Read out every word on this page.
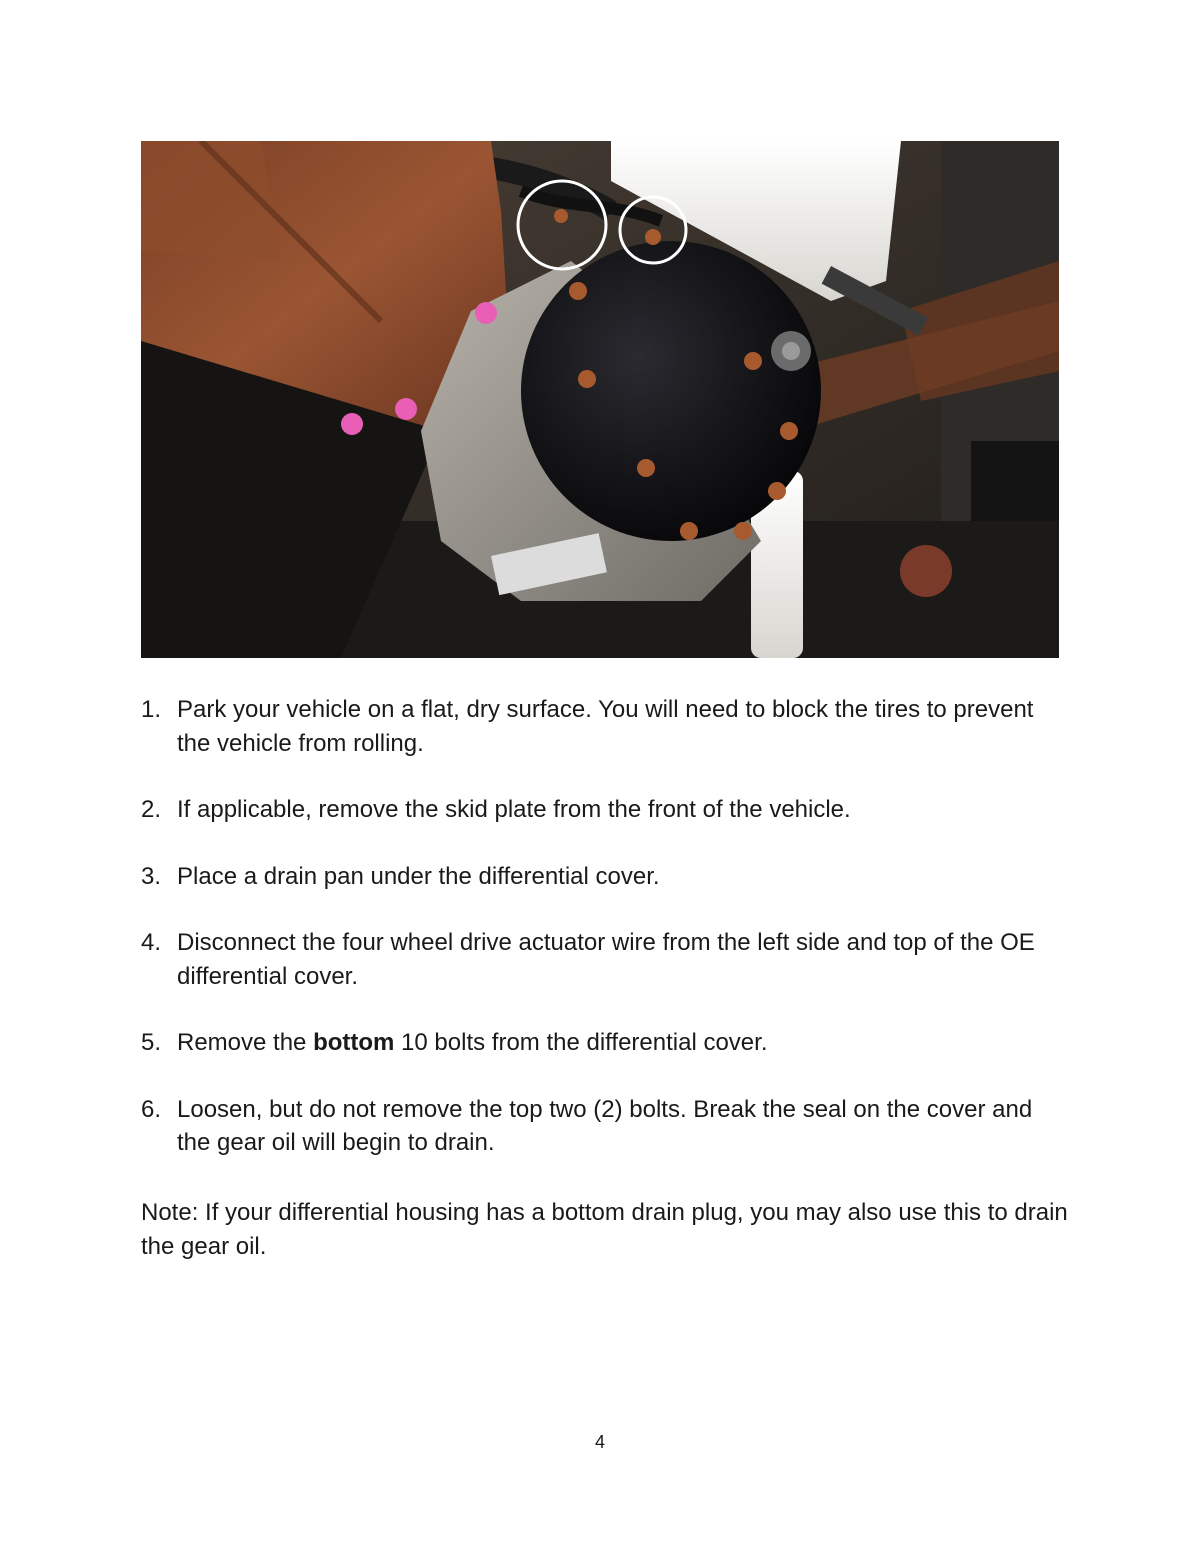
1. Park your vehicle on a flat, dry surface. You will need to block the tires to prevent the vehicle from rolling.
2. If applicable, remove the skid plate from the front of the vehicle.
3. Place a drain pan under the differential cover.
4. Disconnect the four wheel drive actuator wire from the left side and top of the OE differential cover.
5. Remove the bottom 10 bolts from the differential cover.
6. Loosen, but do not remove the top two (2) bolts. Break the seal on the cover and the gear oil will begin to drain.

Note: If your differential housing has a bottom drain plug, you may also use this to drain the gear oil.

4
